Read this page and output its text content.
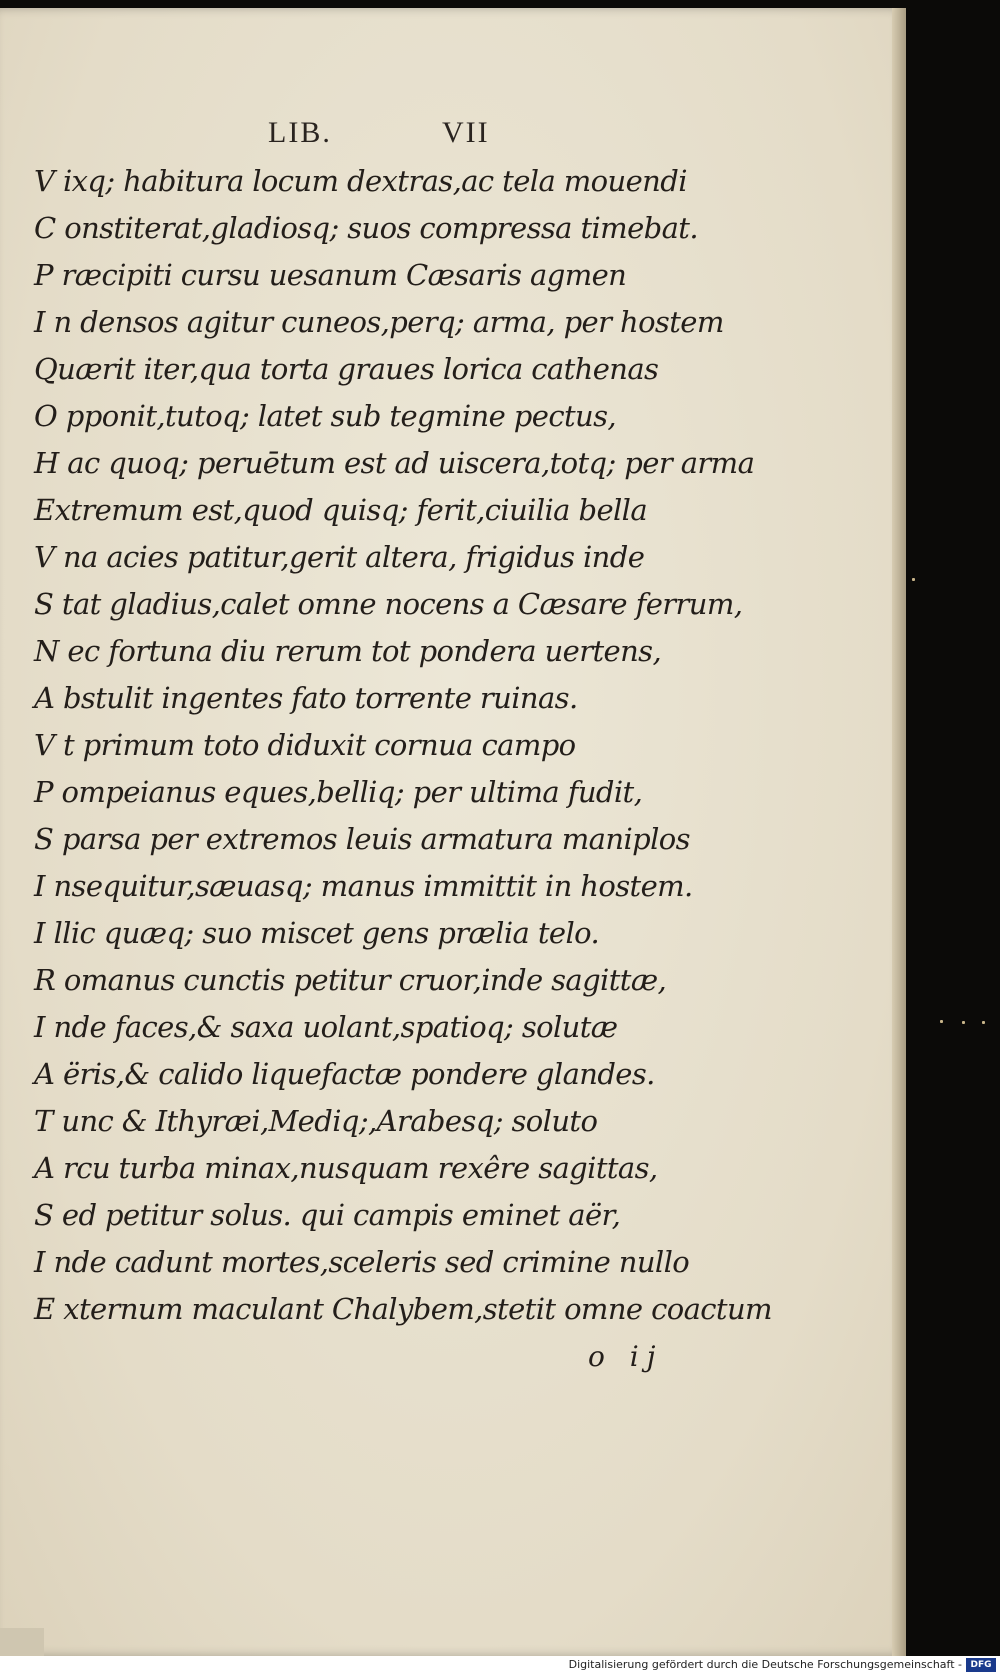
LIB.	VII
V ixq; habitura locum dextras,ac tela mouendi
C onstiterat,gladiosq; suos compressa timebat.
P ræcipiti cursu uesanum Cæsaris agmen
I n densos agitur cuneos,perq; arma, per hostem
Quærit iter,qua torta graues lorica cathenas
O pponit,tutoq; latet sub tegmine pectus,
H ac quoq; peruētum est ad uiscera,totq; per arma
Extremum est,quod quisq; ferit,ciuilia bella
V na acies patitur,gerit altera, frigidus inde
S tat gladius,calet omne nocens a Cæsare ferrum,
N ec fortuna diu rerum tot pondera uertens,
A bstulit ingentes fato torrente ruinas.
V t primum toto diduxit cornua campo
P ompeianus eques,belliq; per ultima fudit,
S parsa per extremos leuis armatura maniplos
I nsequitur,sæuasq; manus immittit in hostem.
I llic quæq; suo miscet gens prælia telo.
R omanus cunctis petitur cruor,inde sagittæ,
I nde faces,& saxa uolant,spatioq; solutæ
A ëris,& calido liquefactæ pondere glandes.
T unc & Ithyræi,Mediq;,Arabesq; soluto
A rcu turba minax,nusquam rexêre sagittas,
S ed petitur solus. qui campis eminet aër,
I nde cadunt mortes,sceleris sed crimine nullo
E xternum maculant Chalybem,stetit omne coactum
o ij
Digitalisierung gefördert durch die Deutsche Forschungsgemeinschaft - DFG
